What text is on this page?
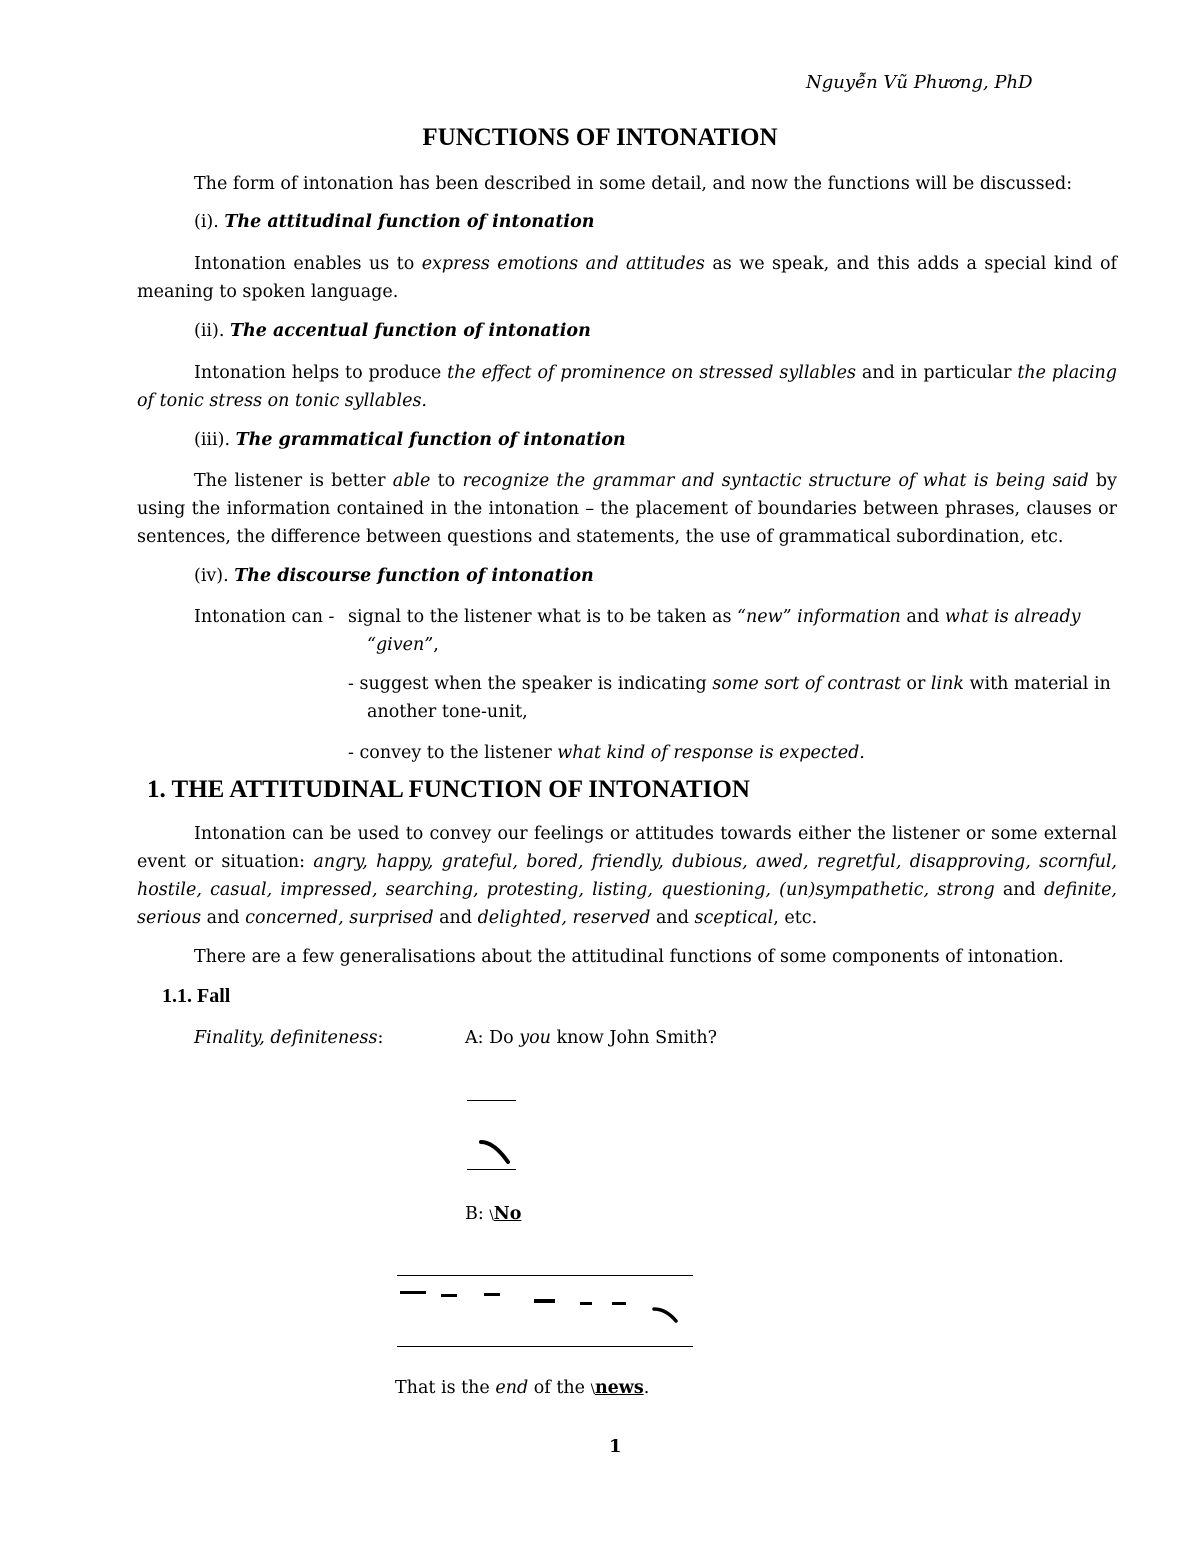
Nguyễn Vũ Phương, PhD
FUNCTIONS OF INTONATION
The form of intonation has been described in some detail, and now the functions will be discussed:
(i). The attitudinal function of intonation
Intonation enables us to express emotions and attitudes as we speak, and this adds a special kind of meaning to spoken language.
(ii). The accentual function of intonation
Intonation helps to produce the effect of prominence on stressed syllables and in particular the placing of tonic stress on tonic syllables.
(iii). The grammatical function of intonation
The listener is better able to recognize the grammar and syntactic structure of what is being said by using the information contained in the intonation – the placement of boundaries between phrases, clauses or sentences, the difference between questions and statements, the use of grammatical subordination, etc.
(iv). The discourse function of intonation
Intonation can - signal to the listener what is to be taken as “new” information and what is already
“given”,
- suggest when the speaker is indicating some sort of contrast or link with material in
another tone-unit,
- convey to the listener what kind of response is expected.
1. THE ATTITUDINAL FUNCTION OF INTONATION
Intonation can be used to convey our feelings or attitudes towards either the listener or some external event or situation: angry, happy, grateful, bored, friendly, dubious, awed, regretful, disapproving, scornful, hostile, casual, impressed, searching, protesting, listing, questioning, (un)sympathetic, strong and definite, serious and concerned, surprised and delighted, reserved and sceptical, etc.
There are a few generalisations about the attitudinal functions of some components of intonation.
1.1. Fall
Finality, definiteness:	A: Do you know John Smith?
B: \No
That is the end of the \news.
1
